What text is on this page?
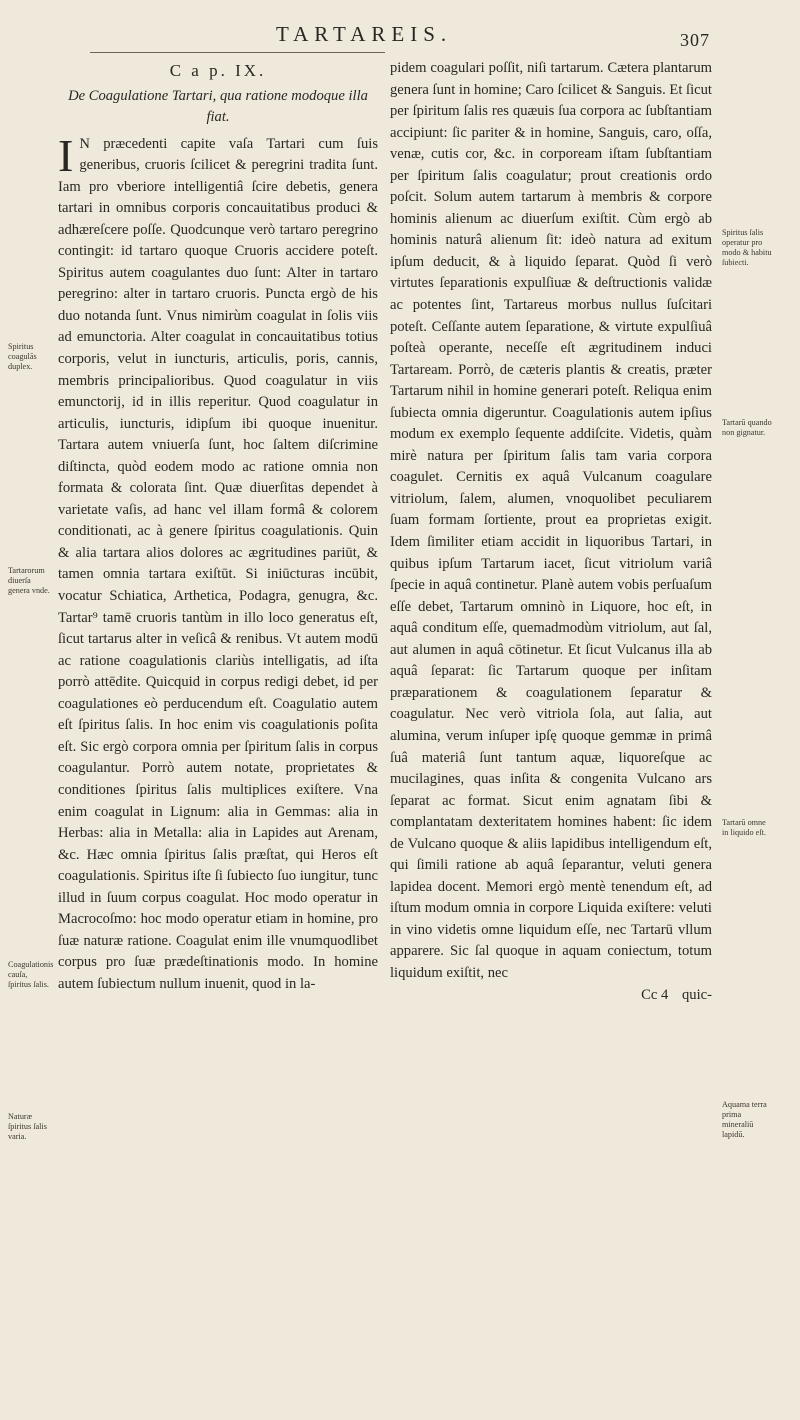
TARTAREIS.	307
C a p. IX.
De Coagulatione Tartari, qua ratione modoque illa fiat.

I N præcedenti capite vaſa Tartari cum ſuis generibus, cruoris ſcilicet & peregrini tradita ſunt. Iam pro vberiore intelligentiâ ſcire debetis, genera tartari in omnibus corporis concauitatibus produci & adhæreſcere poſſe. Quodcunque verò tartaro peregrino contingit: id tartaro quoque Cruoris accidere poteſt. Spiritus autem coagulantes duo ſunt: Alter in tartaro peregrino: alter in tartaro cruoris. Puncta ergò de his duo notanda ſunt. Vnus nimirùm coagulat in ſolis viis ad emunctoria. Alter coagulat in concauitatibus totius corporis, velut in iuncturis, articulis, poris, cannis, membris principalioribus. Quod coagulatur in viis emunctorij, id in illis reperitur. Quod coagulatur in articulis, iuncturis, idipſum ibi quoque inuenitur. Tartara autem vniuerſa ſunt, hoc ſaltem diſcrimine diſtincta, quòd eodem modo ac ratione omnia non formata & colorata ſint. Quæ diuerſitas dependet à varietate vaſis, ad hanc vel illam formâ & colorem conditionati, ac à genere ſpiritus coagulationis. Quin & alia tartara alios dolores ac ægritudines pariūt, & tamen omnia tartara exiſtūt. Si iniūcturas incūbit, vocatur Schiatica, Arthetica, Podagra, genugra, &c. Tartar⁹ tamē cruoris tantùm in illo loco generatus eſt, ſicut tartarus alter in veſicâ & renibus. Vt autem modū ac ratione coagulationis clariùs intelligatis, ad iſta porrò attēdite. Quicquid in corpus redigi debet, id per coagulationes eò perducendum eſt. Coagulatio autem eſt ſpiritus ſalis. In hoc enim vis coagulationis poſita eſt. Sic ergò corpora omnia per ſpiritum ſalis in corpus coagulantur. Porrò autem notate, proprietates & conditiones ſpiritus ſalis multiplices exiſtere. Vna enim coagulat in Lignum: alia in Gemmas: alia in Herbas: alia in Metalla: alia in Lapides aut Arenam, &c. Hæc omnia ſpiritus ſalis præſtat, qui Heros eſt coagulationis. Spiritus iſte ſi ſubiecto ſuo iungitur, tunc illud in ſuum corpus coagulat. Hoc modo operatur in Macrocoſmo: hoc modo operatur etiam in homine, pro ſuæ naturæ ratione. Coagulat enim ille vnumquodlibet corpus pro ſuæ prædeſtinationis modo. In homine autem ſubiectum nullum inuenit, quod in la-

pidem coagulari poſſit, niſi tartarum. Cætera plantarum genera ſunt in homine; Caro ſcilicet & Sanguis. Et ſicut per ſpiritum ſalis res quæuis ſua corpora ac ſubſtantiam accipiunt: ſic pariter & in homine, Sanguis, caro, oſſa, venæ, cutis cor, &c. in corpoream iſtam ſubſtantiam per ſpiritum ſalis coagulatur; prout creationis ordo poſcit. Solum autem tartarum à membris & corpore hominis alienum ac diuerſum exiſtit. Cùm ergò ab hominis naturâ alienum ſit: ideò natura ad exitum ipſum deducit, & à liquido ſeparat. Quòd ſi verò virtutes ſeparationis expulſiuæ & deſtructionis validæ ac potentes ſint, Tartareus morbus nullus ſuſcitari poteſt. Ceſſante autem ſeparatione, & virtute expulſiuâ poſteà operante, neceſſe eſt ægritudinem induci Tartaream. Porrò, de cæteris plantis & creatis, præter Tartarum nihil in homine generari poteſt. Reliqua enim ſubiecta omnia digeruntur. Coagulationis autem ipſius modum ex exemplo ſequente addiſcite. Videtis, quàm mirè natura per ſpiritum ſalis tam varia corpora coagulet. Cernitis ex aquâ Vulcanum coagulare vitriolum, ſalem, alumen, vnoquolibet peculiarem ſuam formam ſortiente, prout ea proprietas exigit. Idem ſimiliter etiam accidit in liquoribus Tartari, in quibus ipſum Tartarum iacet, ſicut vitriolum variâ ſpecie in aquâ continetur. Planè autem vobis perſuaſum eſſe debet, Tartarum omninò in Liquore, hoc eſt, in aquâ conditum eſſe, quemadmodùm vitriolum, aut ſal, aut alumen in aquâ cōtinetur. Et ſicut Vulcanus illa ab aquâ ſeparat: ſic Tartarum quoque per inſitam præparationem & coagulationem ſeparatur & coagulatur. Nec verò vitriola ſola, aut ſalia, aut alumina, verum inſuper ipſę quoque gemmæ in primâ ſuâ materiâ ſunt tantum aquæ, liquoreſque ac mucilagines, quas inſita & congenita Vulcano ars ſeparat ac format. Sicut enim agnatam ſibi & complantatam dexteritatem homines habent: ſic idem de Vulcano quoque & aliis lapidibus intelligendum eſt, qui ſimili ratione ab aquâ ſeparantur, veluti genera lapidea docent. Memori ergò mentè tenendum eſt, ad iſtum modum omnia in corpore Liquida exiſtere: veluti in vino videtis omne liquidum eſſe, nec Tartarū vllum apparere. Sic ſal quoque in aquam coniectum, totum liquidum exiſtit, nec

Cc 4 quic-
Spiritus coagulās duplex.
Tartarorum diuerſa genera vnde.
Coagulationis cauſa, ſpiritus ſalis.
Naturæ ſpiritus ſalis varia.
Spiritus ſalis operatur pro modo & habitu ſubiecti.
Tartarū quando non gignatur.
Tartarū omne in liquido eſt.
Aquama terra prima mineraliū lapidū.
